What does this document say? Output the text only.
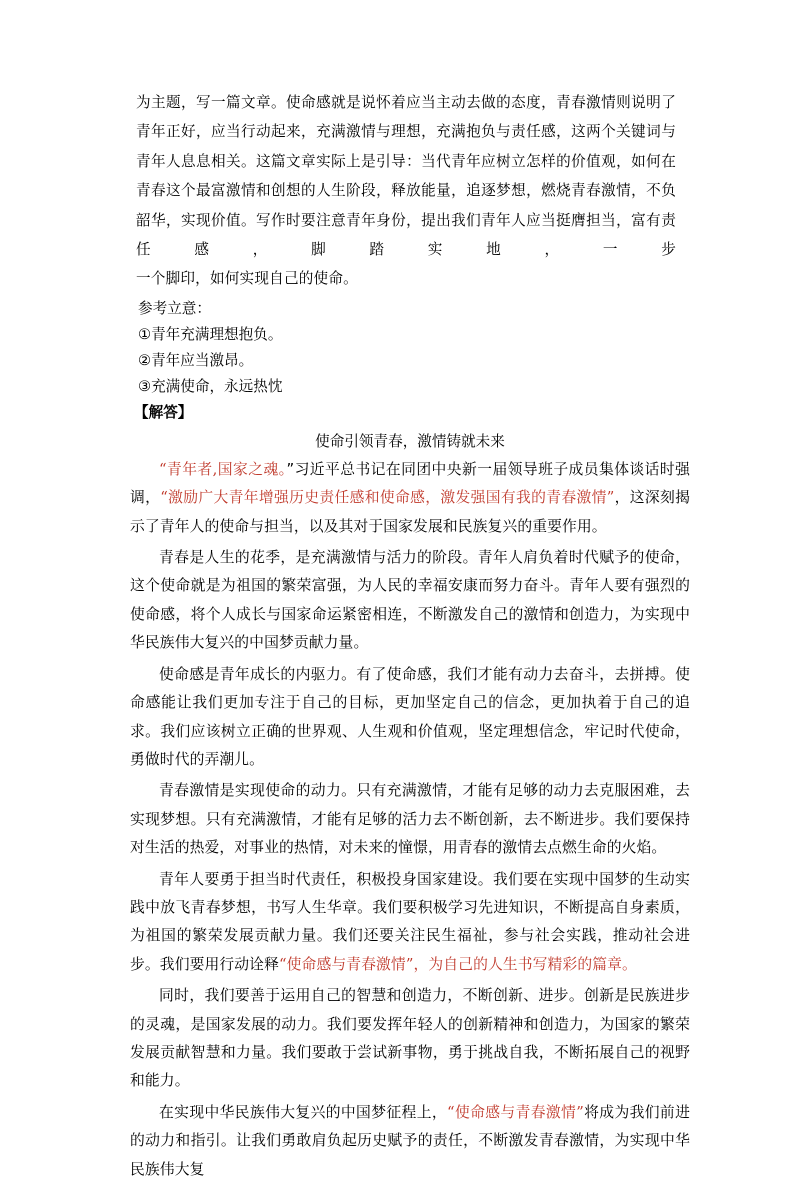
为主题，写一篇文章。使命感就是说怀着应当主动去做的态度，青春激情则说明了青年正好，应当行动起来，充满激情与理想，充满抱负与责任感，这两个关键词与青年人息息相关。这篇文章实际上是引导：当代青年应树立怎样的价值观，如何在青春这个最富激情和创想的人生阶段，释放能量，追逐梦想，燃烧青春激情，不负韶华，实现价值。写作时要注意青年身份，提出我们青年人应当挺膺担当，富有责任感，脚踏实地，一步

一个脚印，如何实现自己的使命。

参考立意：

①青年充满理想抱负。

②青年应当激昂。

③充满使命，永远热忱

【解答】

使命引领青春，激情铸就未来

“青年者,国家之魂。”习近平总书记在同团中央新一届领导班子成员集体谈话时强调，“激励广大青年增强历史责任感和使命感，激发强国有我的青春激情”，这深刻揭示了青年人的使命与担当，以及其对于国家发展和民族复兴的重要作用。

青春是人生的花季，是充满激情与活力的阶段。青年人肩负着时代赋予的使命，这个使命就是为祖国的繁荣富强，为人民的幸福安康而努力奋斗。青年人要有强烈的使命感，将个人成长与国家命运紧密相连，不断激发自己的激情和创造力，为实现中华民族伟大复兴的中国梦贡献力量。

使命感是青年成长的内驱力。有了使命感，我们才能有动力去奋斗，去拼搏。使命感能让我们更加专注于自己的目标，更加坚定自己的信念，更加执着于自己的追求。我们应该树立正确的世界观、人生观和价值观，坚定理想信念，牢记时代使命，勇做时代的弄潮儿。

青春激情是实现使命的动力。只有充满激情，才能有足够的动力去克服困难，去实现梦想。只有充满激情，才能有足够的活力去不断创新，去不断进步。我们要保持对生活的热爱，对事业的热情，对未来的憧憬，用青春的激情去点燃生命的火焰。

青年人要勇于担当时代责任，积极投身国家建设。我们要在实现中国梦的生动实践中放飞青春梦想，书写人生华章。我们要积极学习先进知识，不断提高自身素质，为祖国的繁荣发展贡献力量。我们还要关注民生福祉，参与社会实践，推动社会进步。我们要用行动诠释“使命感与青春激情”，为自己的人生书写精彩的篇章。

同时，我们要善于运用自己的智慧和创造力，不断创新、进步。创新是民族进步的灵魂，是国家发展的动力。我们要发挥年轻人的创新精神和创造力，为国家的繁荣发展贡献智慧和力量。我们要敢于尝试新事物，勇于挑战自我，不断拓展自己的视野和能力。

在实现中华民族伟大复兴的中国梦征程上，“使命感与青春激情”将成为我们前进的动力和指引。让我们勇敢肩负起历史赋予的责任，不断激发青春激情，为实现中华民族伟大复
